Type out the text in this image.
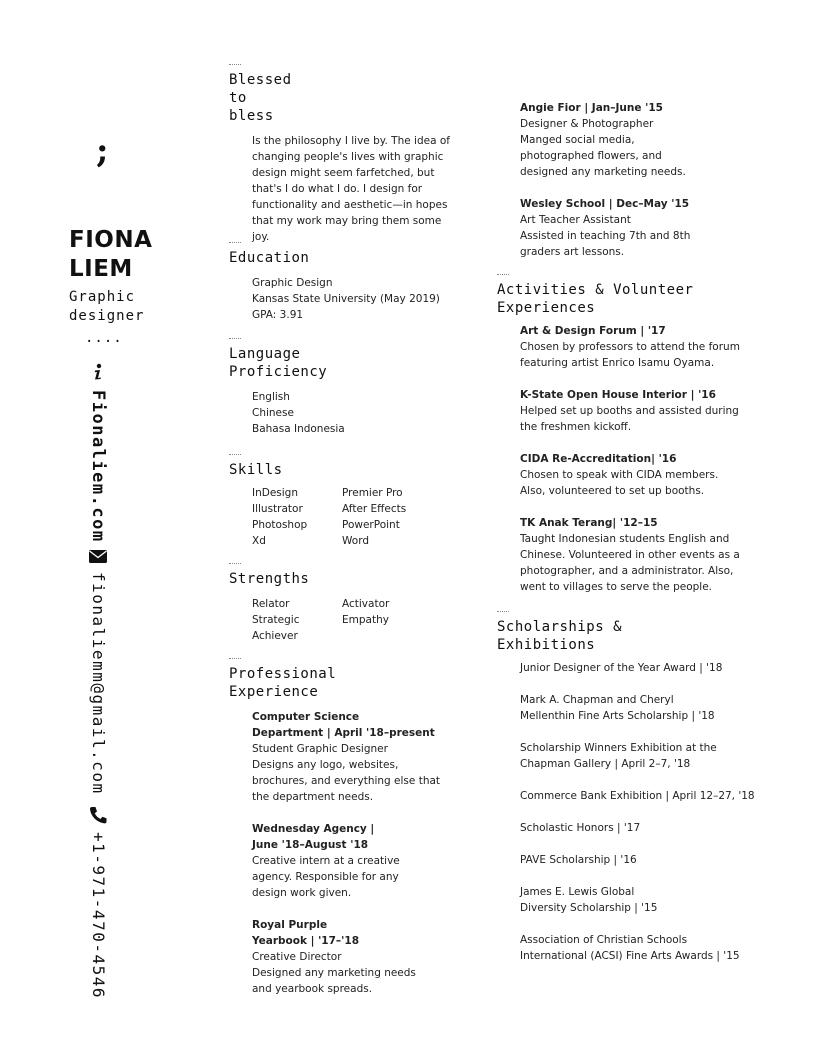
;
FIONA
LIEM
Graphic designer
....
Fionaliem.com
fionaliemm@gmail.com
+1-971-470-4546
Blessed
to
bless
Is the philosophy I live by. The idea of changing people's lives with graphic design might seem farfetched, but that's I do what I do. I design for functionality and aesthetic—in hopes that my work may bring them some joy.
Education
Graphic Design
Kansas State University (May 2019)
GPA: 3.91
Language
Proficiency
English
Chinese
Bahasa Indonesia
Skills
InDesign
Illustrator
Photoshop
Xd
Premier Pro
After Effects
PowerPoint
Word
Strengths
Relator
Strategic
Achiever
Activator
Empathy
Professional
Experience
Computer Science
Department | April '18–present
Student Graphic Designer
Designs any logo, websites,
brochures, and everything else that
the department needs.
Wednesday Agency |
June '18–August '18
Creative intern at a creative
agency. Responsible for any
design work given.
Royal Purple
Yearbook | '17–'18
Creative Director
Designed any marketing needs
and yearbook spreads.
Angie Fior | Jan–June '15
Designer & Photographer
Manged social media,
photographed flowers, and
designed any marketing needs.
Wesley School | Dec–May '15
Art Teacher Assistant
Assisted in teaching 7th and 8th
graders art lessons.
Activities & Volunteer
Experiences
Art & Design Forum | '17
Chosen by professors to attend the forum
featuring artist Enrico Isamu Oyama.
K-State Open House Interior | '16
Helped set up booths and assisted during
the freshmen kickoff.
CIDA Re-Accreditation| '16
Chosen to speak with CIDA members.
Also, volunteered to set up booths.
TK Anak Terang| '12–15
Taught Indonesian students English and
Chinese. Volunteered in other events as a
photographer, and a administrator. Also,
went to villages to serve the people.
Scholarships &
Exhibitions
Junior Designer of the Year Award | '18
Mark A. Chapman and Cheryl
Mellenthin Fine Arts Scholarship | '18
Scholarship Winners Exhibition at the
Chapman Gallery | April 2–7, '18
Commerce Bank Exhibition | April 12–27, '18
Scholastic Honors | '17
PAVE Scholarship | '16
James E. Lewis Global
Diversity Scholarship | '15
Association of Christian Schools
International (ACSI) Fine Arts Awards | '15
